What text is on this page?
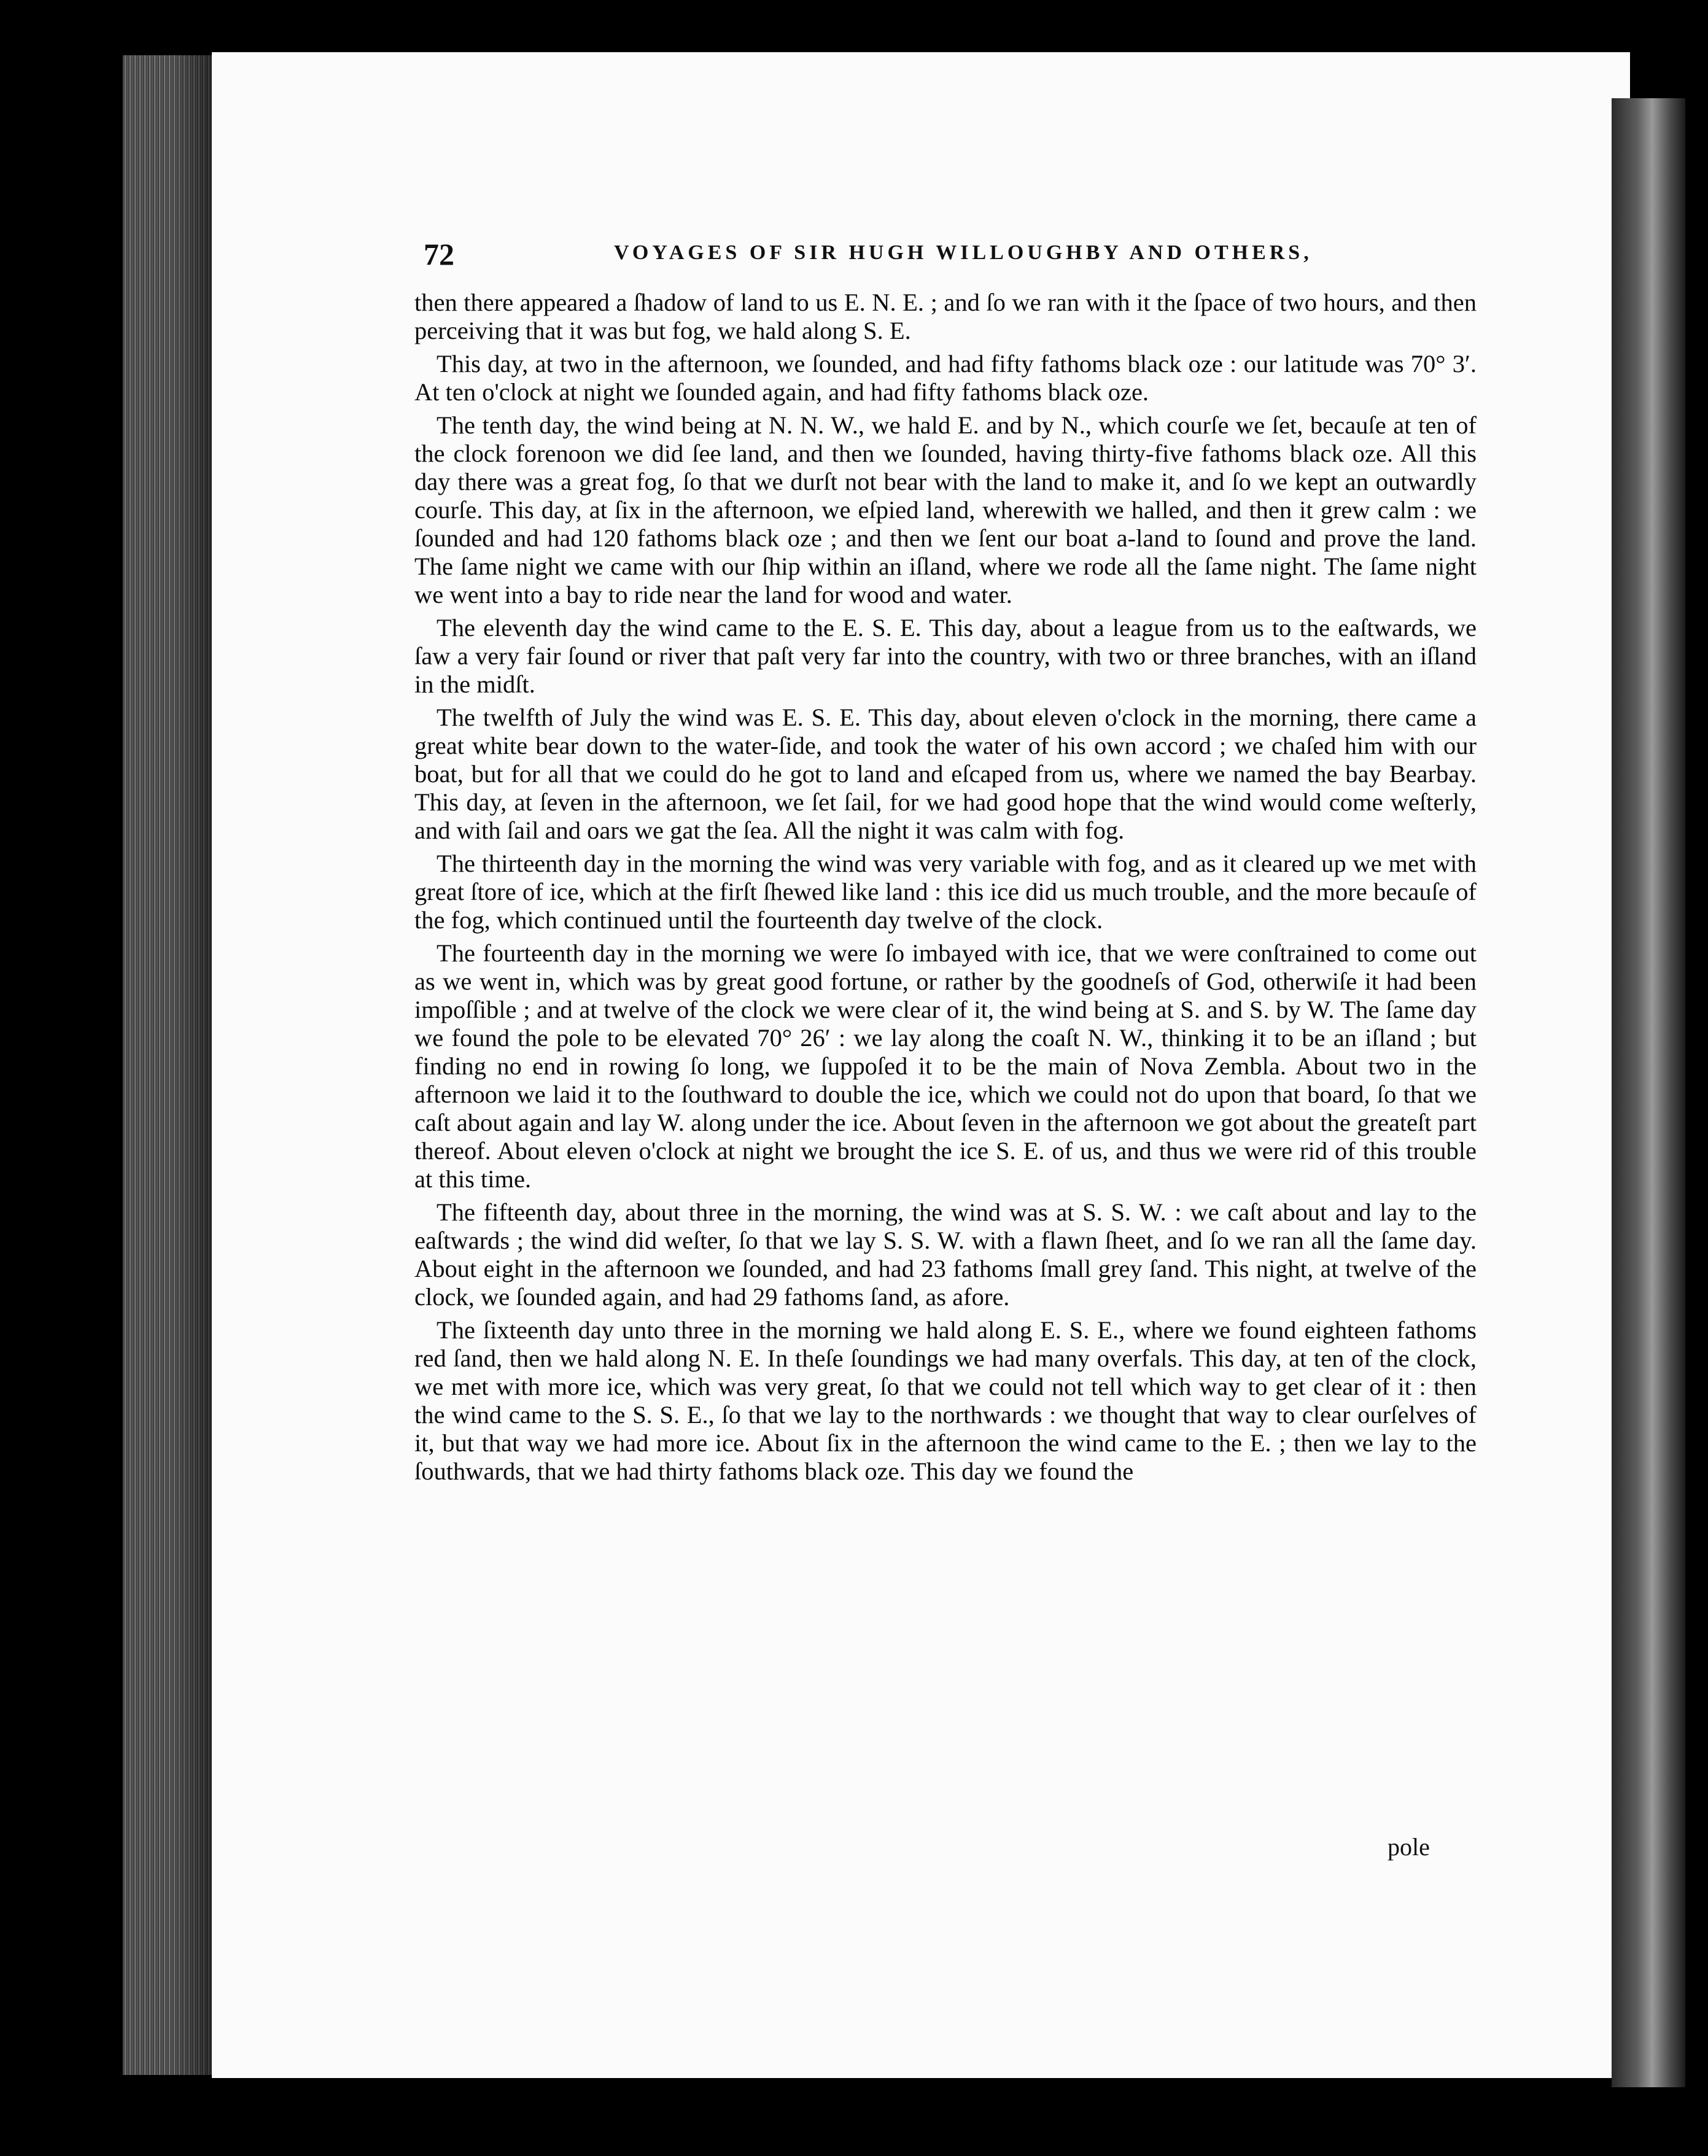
72	VOYAGES OF SIR HUGH WILLOUGHBY AND OTHERS,

then there appeared a ſhadow of land to us E. N. E. ; and ſo we ran with it the ſpace of two hours, and then perceiving that it was but fog, we hald along S. E.

This day, at two in the afternoon, we ſounded, and had fifty fathoms black oze : our latitude was 70° 3′. At ten o'clock at night we ſounded again, and had fifty fathoms black oze.

The tenth day, the wind being at N. N. W., we hald E. and by N., which courſe we ſet, becauſe at ten of the clock forenoon we did ſee land, and then we ſounded, having thirty-five fathoms black oze. All this day there was a great fog, ſo that we durſt not bear with the land to make it, and ſo we kept an outwardly courſe. This day, at ſix in the afternoon, we eſpied land, wherewith we halled, and then it grew calm : we ſounded and had 120 fathoms black oze ; and then we ſent our boat a-land to ſound and prove the land. The ſame night we came with our ſhip within an iſland, where we rode all the ſame night. The ſame night we went into a bay to ride near the land for wood and water.

The eleventh day the wind came to the E. S. E. This day, about a league from us to the eaſtwards, we ſaw a very fair ſound or river that paſt very far into the country, with two or three branches, with an iſland in the midſt.

The twelfth of July the wind was E. S. E. This day, about eleven o'clock in the morning, there came a great white bear down to the water-ſide, and took the water of his own accord ; we chaſed him with our boat, but for all that we could do he got to land and eſcaped from us, where we named the bay Bearbay. This day, at ſeven in the afternoon, we ſet ſail, for we had good hope that the wind would come weſterly, and with ſail and oars we gat the ſea. All the night it was calm with fog.

The thirteenth day in the morning the wind was very variable with fog, and as it cleared up we met with great ſtore of ice, which at the firſt ſhewed like land : this ice did us much trouble, and the more becauſe of the fog, which continued until the fourteenth day twelve of the clock.

The fourteenth day in the morning we were ſo imbayed with ice, that we were conſtrained to come out as we went in, which was by great good fortune, or rather by the goodneſs of God, otherwiſe it had been impoſſible ; and at twelve of the clock we were clear of it, the wind being at S. and S. by W. The ſame day we found the pole to be elevated 70° 26′ : we lay along the coaſt N. W., thinking it to be an iſland ; but finding no end in rowing ſo long, we ſuppoſed it to be the main of Nova Zembla. About two in the afternoon we laid it to the ſouthward to double the ice, which we could not do upon that board, ſo that we caſt about again and lay W. along under the ice. About ſeven in the afternoon we got about the greateſt part thereof. About eleven o'clock at night we brought the ice S. E. of us, and thus we were rid of this trouble at this time.

The fifteenth day, about three in the morning, the wind was at S. S. W. : we caſt about and lay to the eaſtwards ; the wind did weſter, ſo that we lay S. S. W. with a flawn ſheet, and ſo we ran all the ſame day. About eight in the afternoon we ſounded, and had 23 fathoms ſmall grey ſand. This night, at twelve of the clock, we ſounded again, and had 29 fathoms ſand, as afore.

The ſixteenth day unto three in the morning we hald along E. S. E., where we found eighteen fathoms red ſand, then we hald along N. E. In theſe ſoundings we had many overfals. This day, at ten of the clock, we met with more ice, which was very great, ſo that we could not tell which way to get clear of it : then the wind came to the S. S. E., ſo that we lay to the northwards : we thought that way to clear ourſelves of it, but that way we had more ice. About ſix in the afternoon the wind came to the E. ; then we lay to the ſouthwards, that we had thirty fathoms black oze. This day we found the

pole
